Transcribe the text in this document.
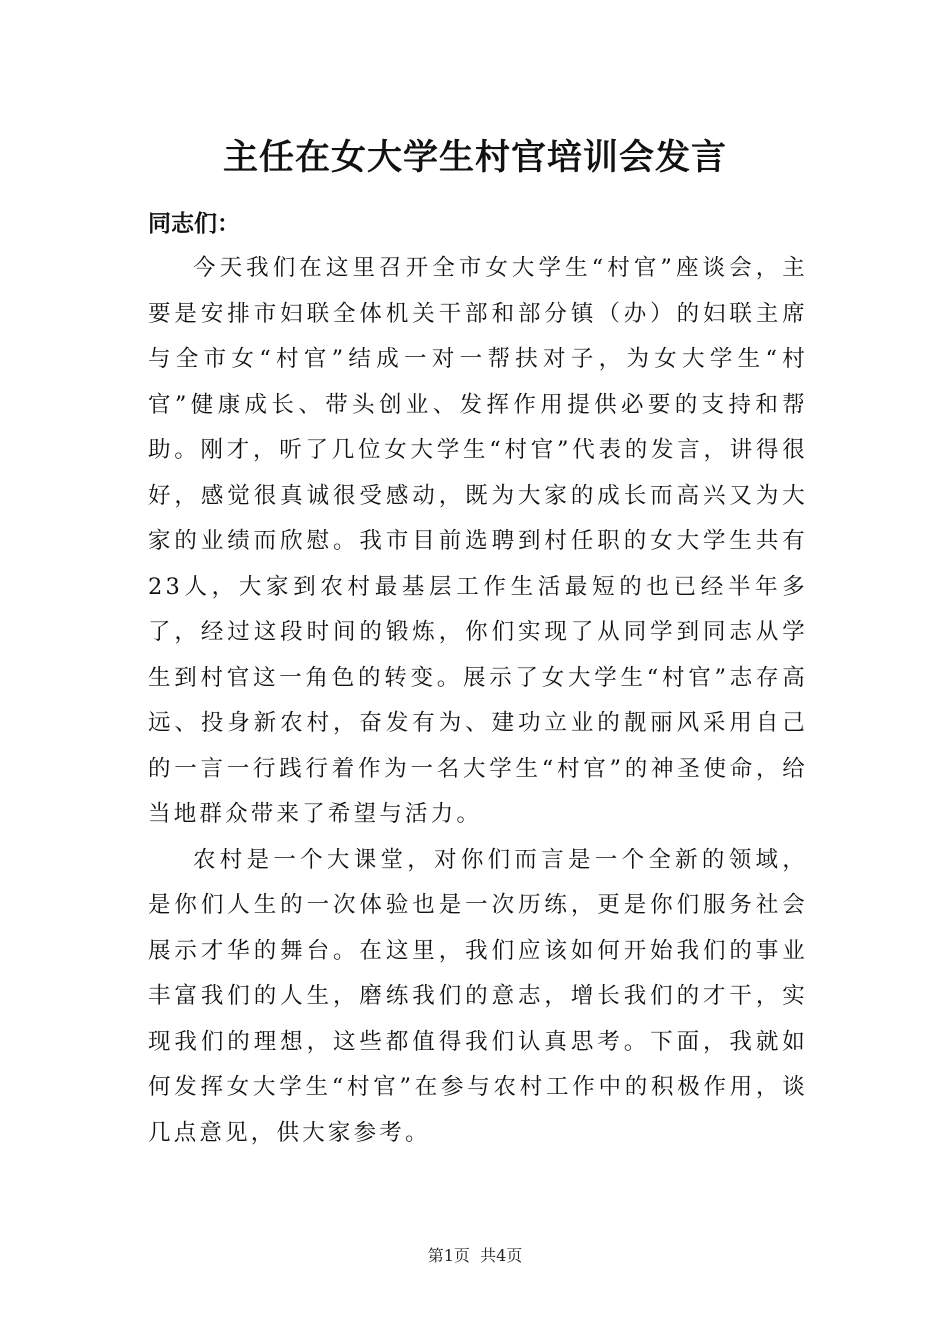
主任在女大学生村官培训会发言

同志们：

今天我们在这里召开全市女大学生“村官”座谈会，主要是安排市妇联全体机关干部和部分镇（办）的妇联主席与全市女“村官”结成一对一帮扶对子，为女大学生“村官”健康成长、带头创业、发挥作用提供必要的支持和帮助。刚才，听了几位女大学生“村官”代表的发言，讲得很好，感觉很真诚很受感动，既为大家的成长而高兴又为大家的业绩而欣慰。我市目前选聘到村任职的女大学生共有23人，大家到农村最基层工作生活最短的也已经半年多了，经过这段时间的锻炼，你们实现了从同学到同志从学生到村官这一角色的转变。展示了女大学生“村官”志存高远、投身新农村，奋发有为、建功立业的靓丽风采用自己的一言一行践行着作为一名大学生“村官”的神圣使命，给当地群众带来了希望与活力。

农村是一个大课堂，对你们而言是一个全新的领域，是你们人生的一次体验也是一次历练，更是你们服务社会展示才华的舞台。在这里，我们应该如何开始我们的事业丰富我们的人生，磨练我们的意志，增长我们的才干，实现我们的理想，这些都值得我们认真思考。下面，我就如何发挥女大学生“村官”在参与农村工作中的积极作用，谈几点意见，供大家参考。

第1页 共4页
